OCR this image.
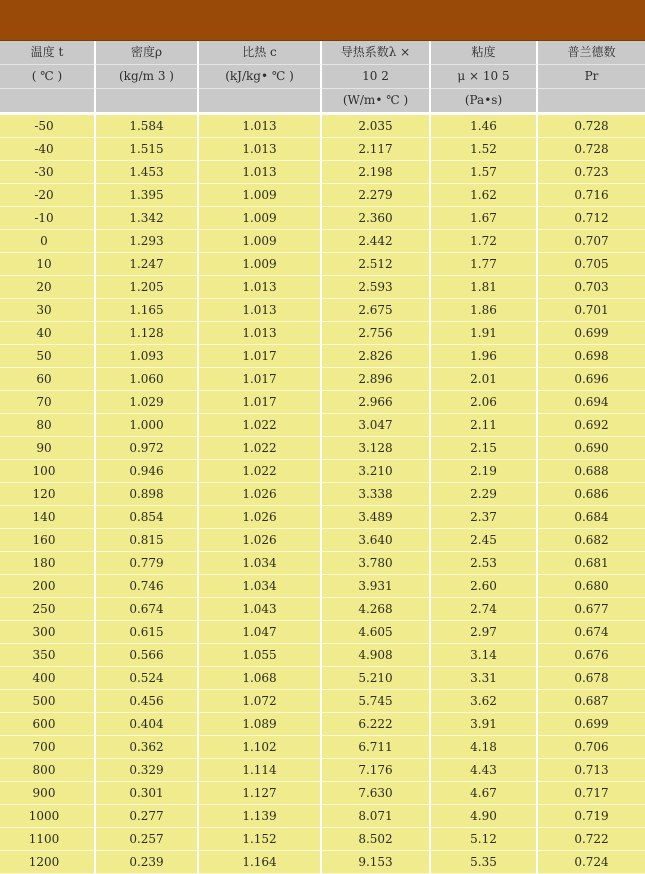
温度 t	密度ρ	比热 c	导热系数λ ×	粘度	普兰德数
( ℃ )	(kg/m 3 )	(kJ/kg• ℃ )	10 2	μ × 10 5	Pr
			(W/m• ℃ )	(Pa•s)	
-50	1.584	1.013	2.035	1.46	0.728
-40	1.515	1.013	2.117	1.52	0.728
-30	1.453	1.013	2.198	1.57	0.723
-20	1.395	1.009	2.279	1.62	0.716
-10	1.342	1.009	2.360	1.67	0.712
0	1.293	1.009	2.442	1.72	0.707
10	1.247	1.009	2.512	1.77	0.705
20	1.205	1.013	2.593	1.81	0.703
30	1.165	1.013	2.675	1.86	0.701
40	1.128	1.013	2.756	1.91	0.699
50	1.093	1.017	2.826	1.96	0.698
60	1.060	1.017	2.896	2.01	0.696
70	1.029	1.017	2.966	2.06	0.694
80	1.000	1.022	3.047	2.11	0.692
90	0.972	1.022	3.128	2.15	0.690
100	0.946	1.022	3.210	2.19	0.688
120	0.898	1.026	3.338	2.29	0.686
140	0.854	1.026	3.489	2.37	0.684
160	0.815	1.026	3.640	2.45	0.682
180	0.779	1.034	3.780	2.53	0.681
200	0.746	1.034	3.931	2.60	0.680
250	0.674	1.043	4.268	2.74	0.677
300	0.615	1.047	4.605	2.97	0.674
350	0.566	1.055	4.908	3.14	0.676
400	0.524	1.068	5.210	3.31	0.678
500	0.456	1.072	5.745	3.62	0.687
600	0.404	1.089	6.222	3.91	0.699
700	0.362	1.102	6.711	4.18	0.706
800	0.329	1.114	7.176	4.43	0.713
900	0.301	1.127	7.630	4.67	0.717
1000	0.277	1.139	8.071	4.90	0.719
1100	0.257	1.152	8.502	5.12	0.722
1200	0.239	1.164	9.153	5.35	0.724
